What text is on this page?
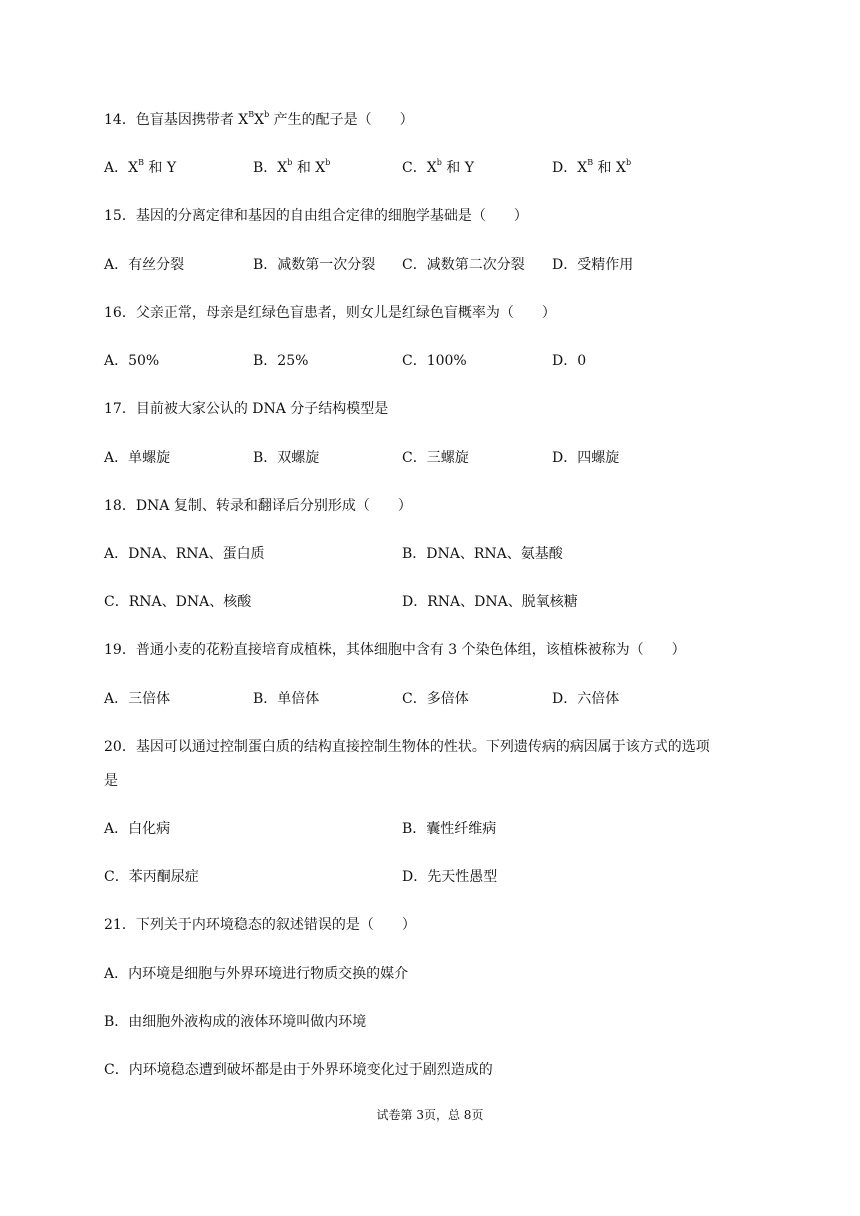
14．色盲基因携带者 $X^BX^b$ 产生的配子是（　　）
A．$X^B$ 和 Y	B．$X^b$ 和 $X^b$	C．$X^b$ 和 Y	D．$X^B$ 和 $X^b$
15．基因的分离定律和基因的自由组合定律的细胞学基础是（　　）
A．有丝分裂	B．减数第一次分裂 C．减数第二次分裂 D．受精作用
16．父亲正常，母亲是红绿色盲患者，则女儿是红绿色盲概率为（　　）
A．50%	B．25%	C．100%	D．0
17．目前被大家公认的 DNA 分子结构模型是
A．单螺旋	B．双螺旋	C．三螺旋	D．四螺旋
18．DNA 复制、转录和翻译后分别形成（　　）
A．DNA、RNA、蛋白质	B．DNA、RNA、氨基酸
C．RNA、DNA、核酸	D．RNA、DNA、脱氧核糖
19．普通小麦的花粉直接培育成植株，其体细胞中含有 3 个染色体组，该植株被称为（　　）
A．三倍体	B．单倍体	C．多倍体	D．六倍体
20．基因可以通过控制蛋白质的结构直接控制生物体的性状。下列遗传病的病因属于该方式的选项
是
A．白化病	B．囊性纤维病
C．苯丙酮尿症	D．先天性愚型
21．下列关于内环境稳态的叙述错误的是（　　）
A．内环境是细胞与外界环境进行物质交换的媒介
B．由细胞外液构成的液体环境叫做内环境
C．内环境稳态遭到破坏都是由于外界环境变化过于剧烈造成的
试卷第 3页，总 8页
